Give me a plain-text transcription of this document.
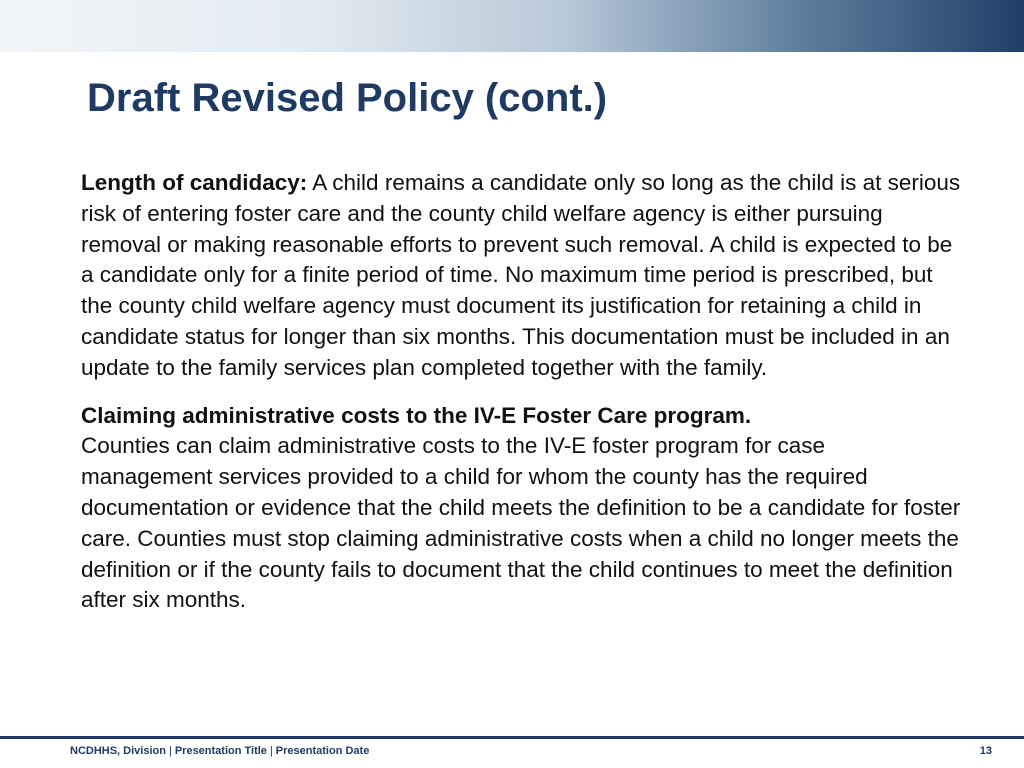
Draft Revised Policy (cont.)

Length of candidacy: A child remains a candidate only so long as the child is at serious risk of entering foster care and the county child welfare agency is either pursuing removal or making reasonable efforts to prevent such removal. A child is expected to be a candidate only for a finite period of time. No maximum time period is prescribed, but the county child welfare agency must document its justification for retaining a child in candidate status for longer than six months. This documentation must be included in an update to the family services plan completed together with the family.

Claiming administrative costs to the IV-E Foster Care program.
Counties can claim administrative costs to the IV-E foster program for case management services provided to a child for whom the county has the required documentation or evidence that the child meets the definition to be a candidate for foster care. Counties must stop claiming administrative costs when a child no longer meets the definition or if the county fails to document that the child continues to meet the definition after six months.

NCDHHS, Division | Presentation Title | Presentation Date	13
